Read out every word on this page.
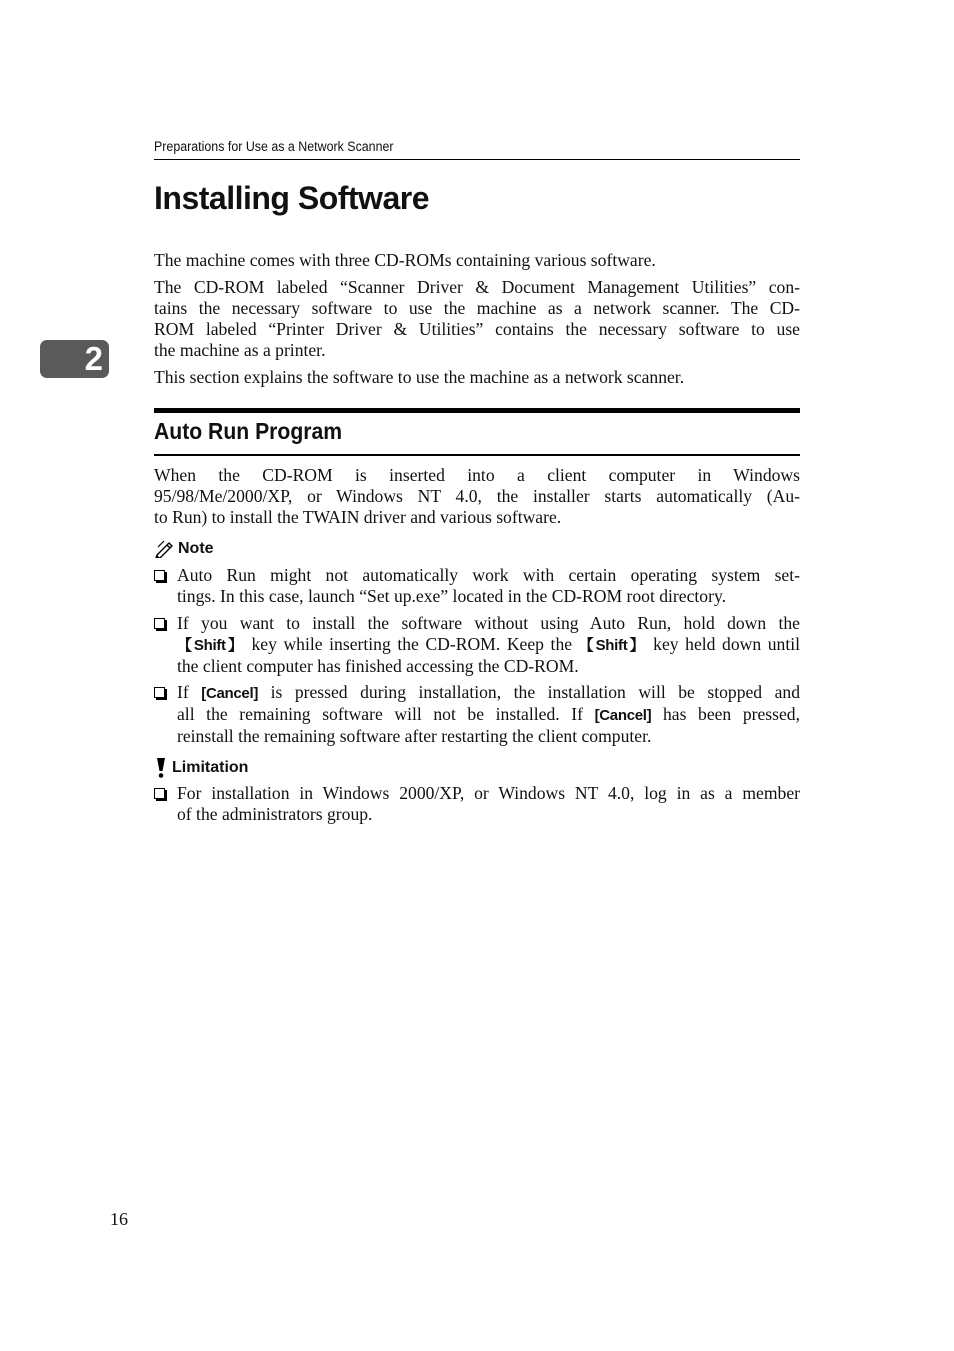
Preparations for Use as a Network Scanner
2
Installing Software

The machine comes with three CD-ROMs containing various software.

The CD-ROM labeled “Scanner Driver & Document Management Utilities” con-
tains the necessary software to use the machine as a network scanner. The CD-
ROM labeled “Printer Driver & Utilities” contains the necessary software to use
the machine as a printer.

This section explains the software to use the machine as a network scanner.

Auto Run Program
When the CD-ROM is inserted into a client computer in Windows
95/98/Me/2000/XP, or Windows NT 4.0, the installer starts automatically (Au-
to Run) to install the TWAIN driver and various software.
Note
Auto Run might not automatically work with certain operating system set-
tings. In this case, launch “Set up.exe” located in the CD-ROM root directory.
If you want to install the software without using Auto Run, hold down the
【Shift】 key while inserting the CD-ROM. Keep the 【Shift】 key held down until
the client computer has finished accessing the CD-ROM.
If [Cancel] is pressed during installation, the installation will be stopped and
all the remaining software will not be installed. If [Cancel] has been pressed,
reinstall the remaining software after restarting the client computer.
Limitation
For installation in Windows 2000/XP, or Windows NT 4.0, log in as a member
of the administrators group.
16
